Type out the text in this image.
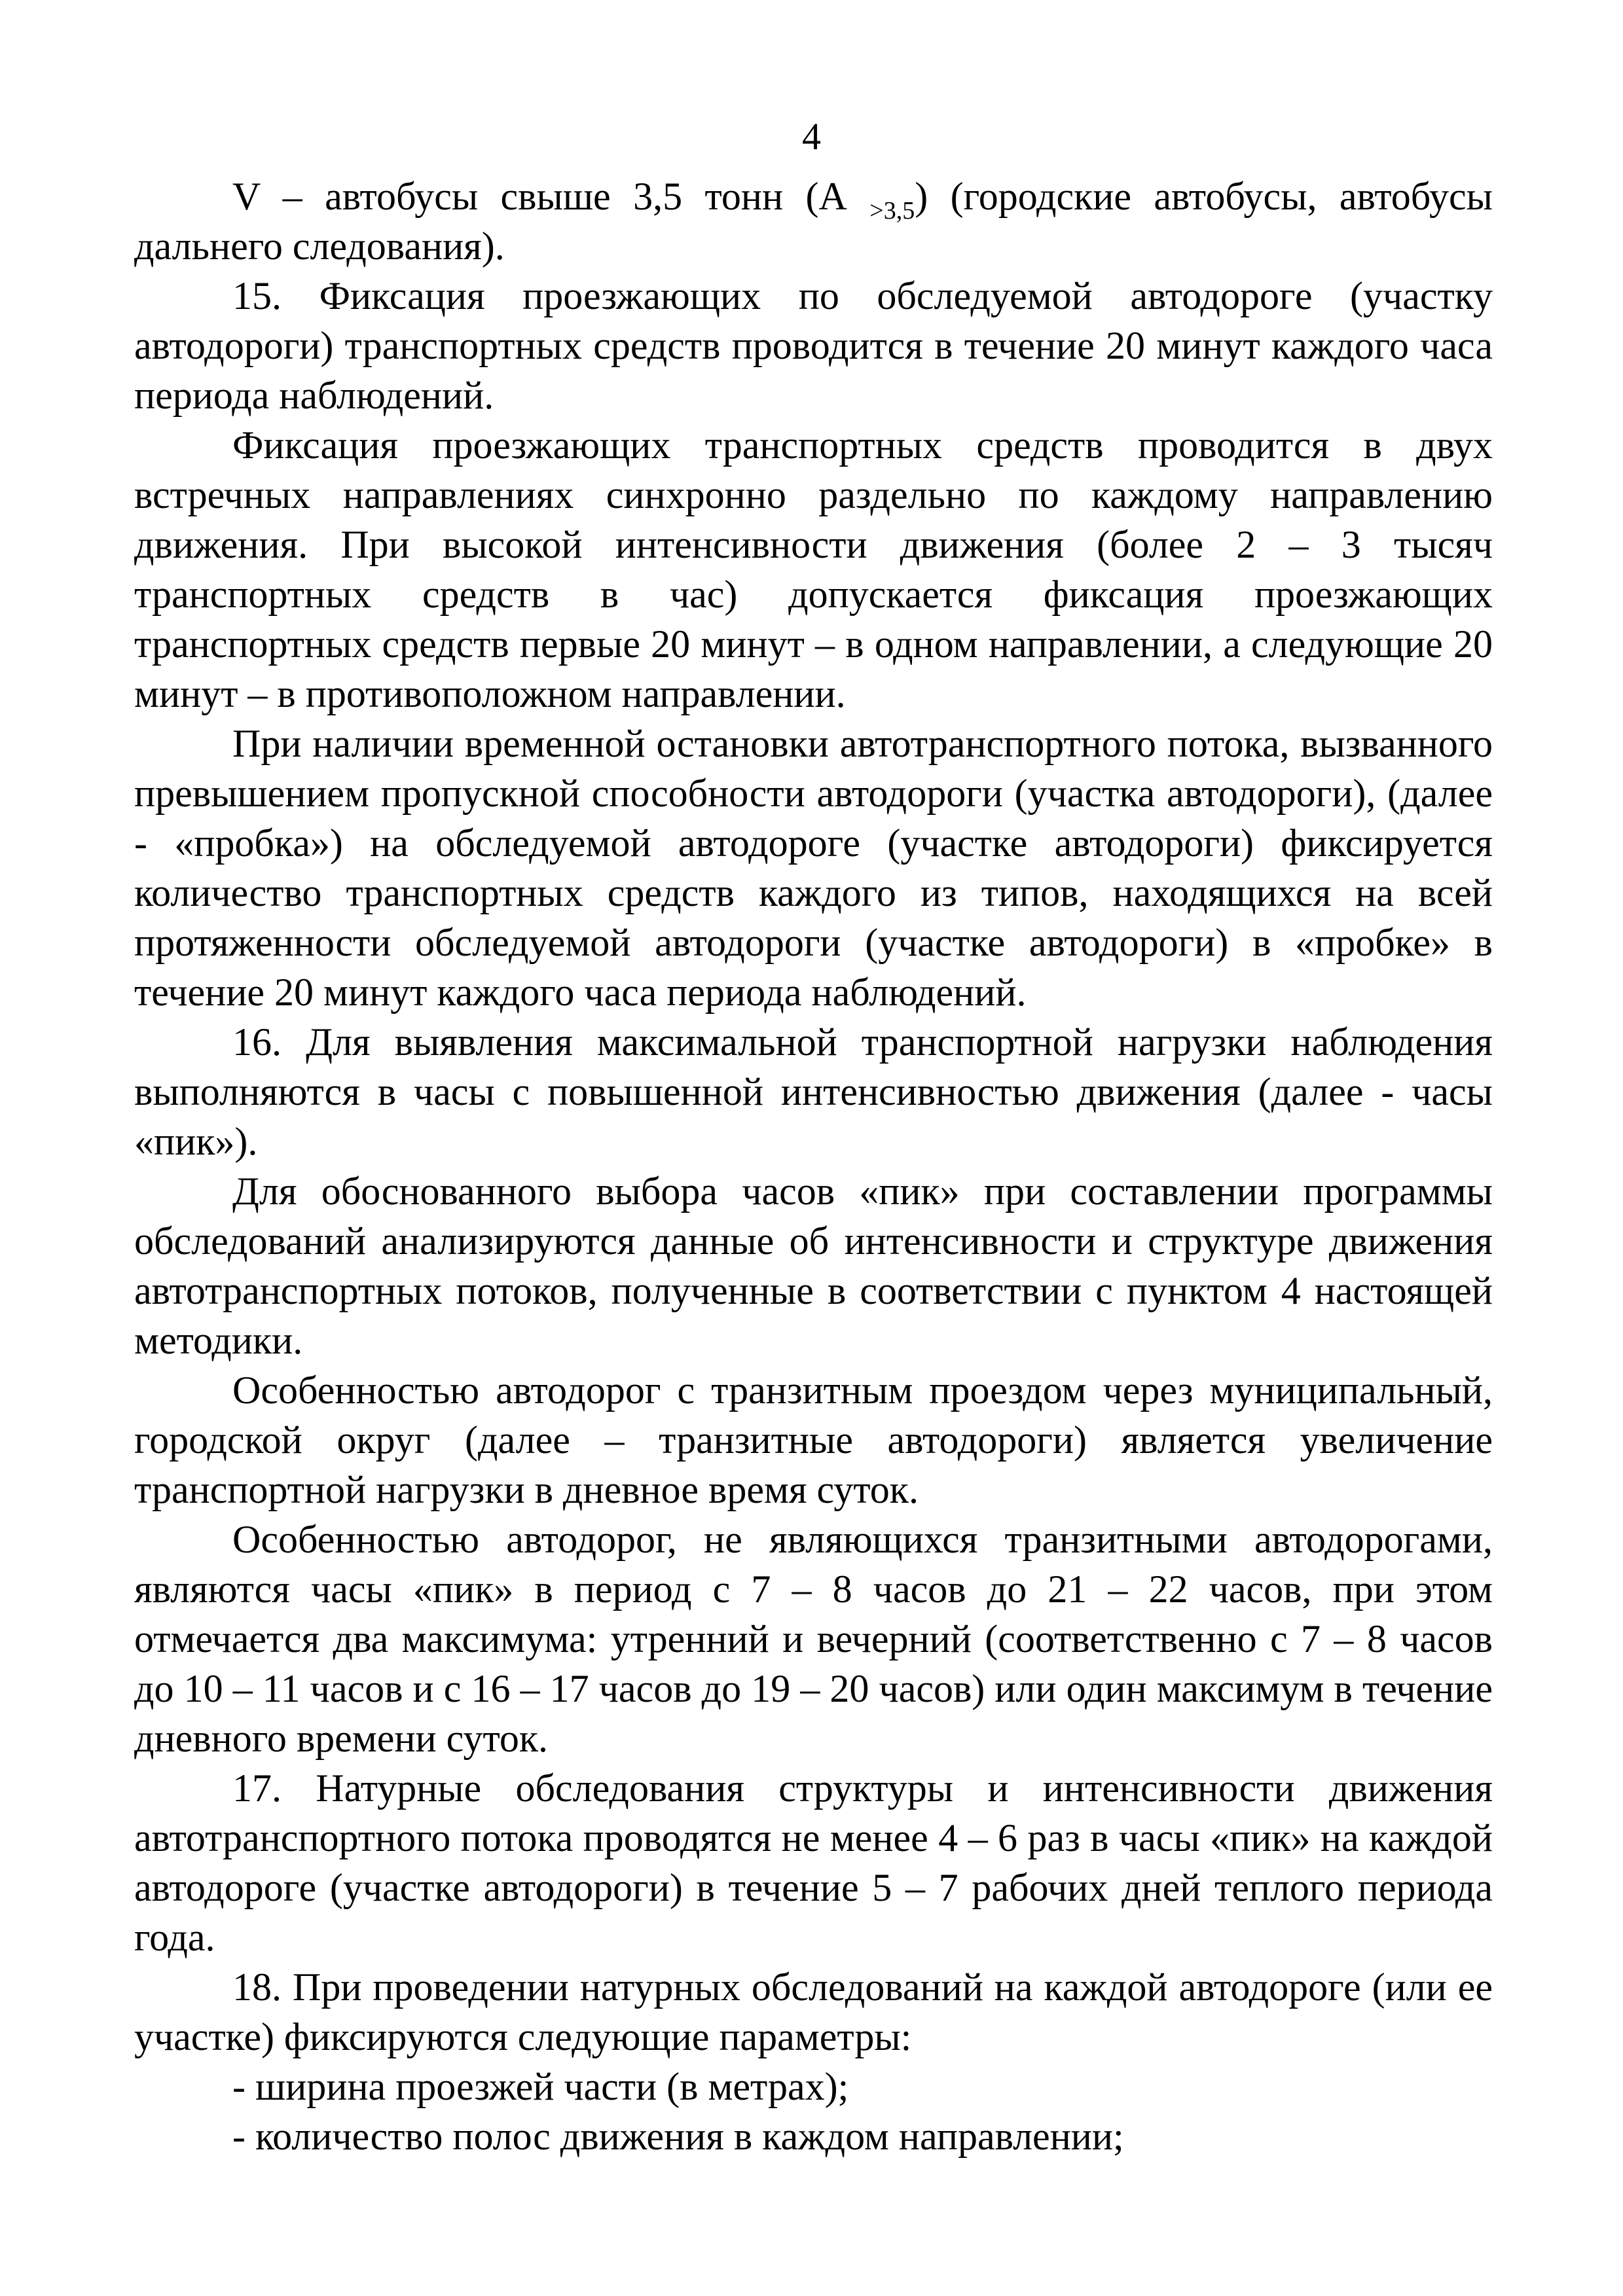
4

V – автобусы свыше 3,5 тонн (А $_{>3,5}$) (городские автобусы, автобусы дальнего следования).

15. Фиксация проезжающих по обследуемой автодороге (участку автодороги) транспортных средств проводится в течение 20 минут каждого часа периода наблюдений.

Фиксация проезжающих транспортных средств проводится в двух встречных направлениях синхронно раздельно по каждому направлению движения. При высокой интенсивности движения (более 2 – 3 тысяч транспортных средств в час) допускается фиксация проезжающих транспортных средств первые 20 минут – в одном направлении, а следующие 20 минут – в противоположном направлении.

При наличии временной остановки автотранспортного потока, вызванного превышением пропускной способности автодороги (участка автодороги), (далее - «пробка») на обследуемой автодороге (участке автодороги) фиксируется количество транспортных средств каждого из типов, находящихся на всей протяженности обследуемой автодороги (участке автодороги) в «пробке» в течение 20 минут каждого часа периода наблюдений.

16. Для выявления максимальной транспортной нагрузки наблюдения выполняются в часы с повышенной интенсивностью движения (далее - часы «пик»).

Для обоснованного выбора часов «пик» при составлении программы обследований анализируются данные об интенсивности и структуре движения автотранспортных потоков, полученные в соответствии с пунктом 4 настоящей методики.

Особенностью автодорог с транзитным проездом через муниципальный, городской округ (далее – транзитные автодороги) является увеличение транспортной нагрузки в дневное время суток.

Особенностью автодорог, не являющихся транзитными автодорогами, являются часы «пик» в период с 7 – 8 часов до 21 – 22 часов, при этом отмечается два максимума: утренний и вечерний (соответственно с 7 – 8 часов до 10 – 11 часов и с 16 – 17 часов до 19 – 20 часов) или один максимум в течение дневного времени суток.

17. Натурные обследования структуры и интенсивности движения автотранспортного потока проводятся не менее 4 – 6 раз в часы «пик» на каждой автодороге (участке автодороги) в течение 5 – 7 рабочих дней теплого периода года.

18. При проведении натурных обследований на каждой автодороге (или ее участке) фиксируются следующие параметры:

- ширина проезжей части (в метрах);

- количество полос движения в каждом направлении;
